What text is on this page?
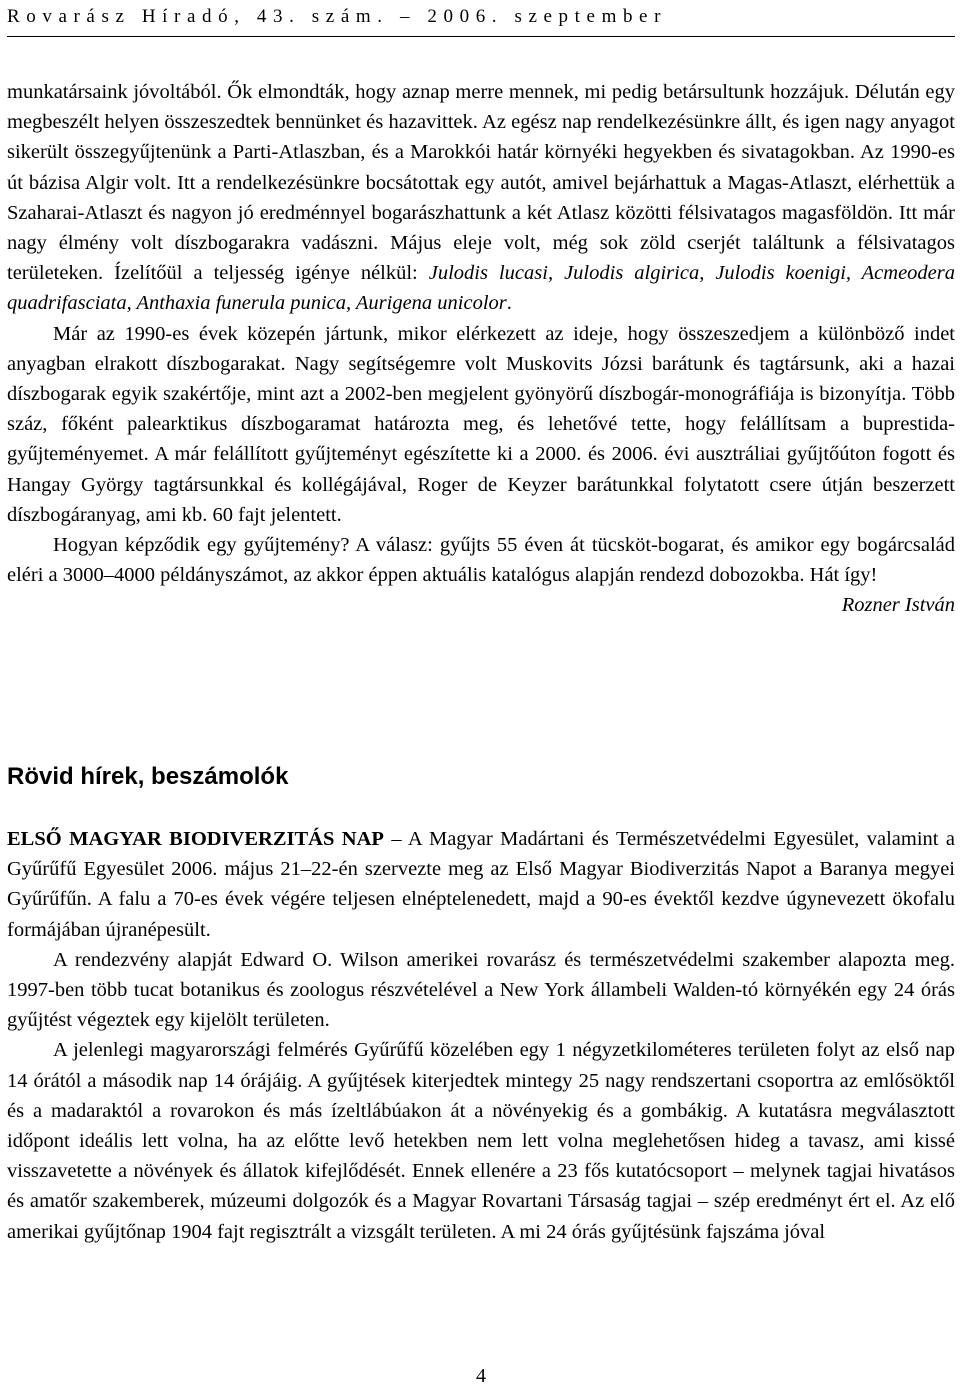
Rovarász Híradó, 43. szám. – 2006. szeptember

munkatársaink jóvoltából. Ők elmondták, hogy aznap merre mennek, mi pedig betársultunk hozzájuk. Délután egy megbeszélt helyen összeszedtek bennünket és hazavittek. Az egész nap rendelkezésünkre állt, és igen nagy anyagot sikerült összegyűjtenünk a Parti-Atlaszban, és a Marokkói határ környéki hegyekben és sivatagokban. Az 1990-es út bázisa Algir volt. Itt a rendelkezésünkre bocsátottak egy autót, amivel bejárhattuk a Magas-Atlaszt, elérhettük a Szaharai-Atlaszt és nagyon jó eredménnyel bogarászhattunk a két Atlasz közötti félsivatagos magasföldön. Itt már nagy élmény volt díszbogarakra vadászni. Május eleje volt, még sok zöld cserjét találtunk a félsivatagos területeken. Ízelítőül a teljesség igénye nélkül: Julodis lucasi, Julodis algirica, Julodis koenigi, Acmeodera quadrifasciata, Anthaxia funerula punica, Aurigena unicolor.

Már az 1990-es évek közepén jártunk, mikor elérkezett az ideje, hogy összeszedjem a különböző indet anyagban elrakott díszbogarakat. Nagy segítségemre volt Muskovits Józsi barátunk és tagtársunk, aki a hazai díszbogarak egyik szakértője, mint azt a 2002-ben megjelent gyönyörű díszbogár-monográfiája is bizonyítja. Több száz, főként palearktikus díszbogaramat határozta meg, és lehetővé tette, hogy felállítsam a buprestida-gyűjteményemet. A már felállított gyűjteményt egészítette ki a 2000. és 2006. évi ausztráliai gyűjtőúton fogott és Hangay György tagtársunkkal és kollégájával, Roger de Keyzer barátunkkal folytatott csere útján beszerzett díszbogáranyag, ami kb. 60 fajt jelentett.

Hogyan képződik egy gyűjtemény? A válasz: gyűjts 55 éven át tücsköt-bogarat, és amikor egy bogárcsalád eléri a 3000–4000 példányszámot, az akkor éppen aktuális katalógus alapján rendezd dobozokba. Hát így!

Rozner István

Rövid hírek, beszámolók

ELSŐ MAGYAR BIODIVERZITÁS NAP – A Magyar Madártani és Természetvédelmi Egyesület, valamint a Gyűrűfű Egyesület 2006. május 21–22-én szervezte meg az Első Magyar Biodiverzitás Napot a Baranya megyei Gyűrűfűn. A falu a 70-es évek végére teljesen elnéptelenedett, majd a 90-es évektől kezdve úgynevezett ökofalu formájában újranépesült.

A rendezvény alapját Edward O. Wilson amerikei rovarász és természetvédelmi szakember alapozta meg. 1997-ben több tucat botanikus és zoologus részvételével a New York állambeli Walden-tó környékén egy 24 órás gyűjtést végeztek egy kijelölt területen.

A jelenlegi magyarországi felmérés Gyűrűfű közelében egy 1 négyzetkilométeres területen folyt az első nap 14 órától a második nap 14 órájáig. A gyűjtések kiterjedtek mintegy 25 nagy rendszertani csoportra az emlősöktől és a madaraktól a rovarokon és más ízeltlábúakon át a növényekig és a gombákig. A kutatásra megválasztott időpont ideális lett volna, ha az előtte levő hetekben nem lett volna meglehetősen hideg a tavasz, ami kissé visszavetette a növények és állatok kifejlődését. Ennek ellenére a 23 fős kutatócsoport – melynek tagjai hivatásos és amatőr szakemberek, múzeumi dolgozók és a Magyar Rovartani Társaság tagjai – szép eredményt ért el. Az elő amerikai gyűjtőnap 1904 fajt regisztrált a vizsgált területen. A mi 24 órás gyűjtésünk fajszáma jóval

4
